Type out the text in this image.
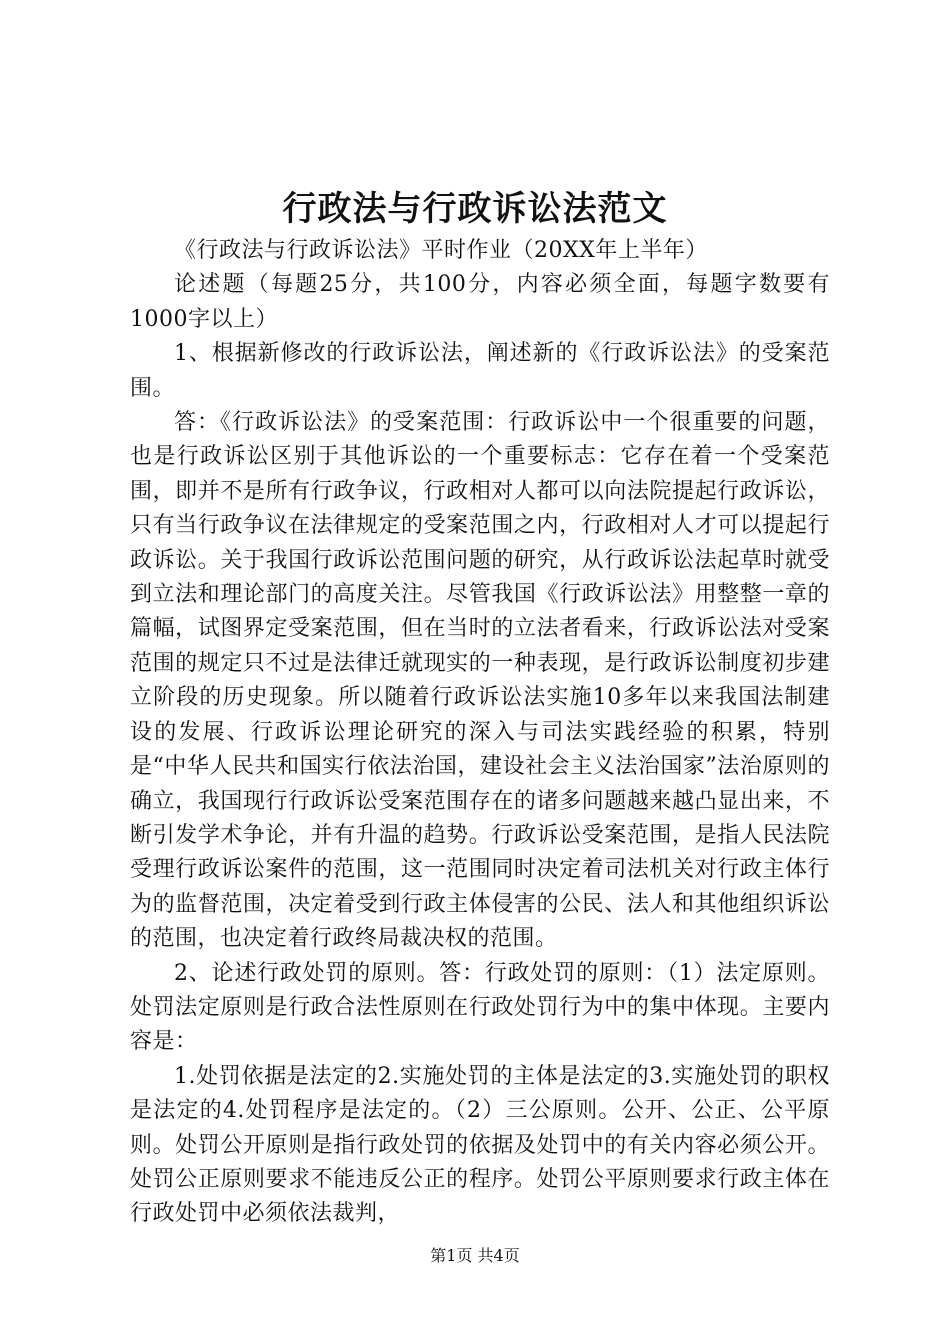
行政法与行政诉讼法范文

《行政法与行政诉讼法》平时作业（20XX年上半年）

论述题（每题25分，共100分，内容必须全面，每题字数要有1000字以上）

1、根据新修改的行政诉讼法，阐述新的《行政诉讼法》的受案范围。

答：《行政诉讼法》的受案范围：行政诉讼中一个很重要的问题，也是行政诉讼区别于其他诉讼的一个重要标志：它存在着一个受案范围，即并不是所有行政争议，行政相对人都可以向法院提起行政诉讼，只有当行政争议在法律规定的受案范围之内，行政相对人才可以提起行政诉讼。关于我国行政诉讼范围问题的研究，从行政诉讼法起草时就受到立法和理论部门的高度关注。尽管我国《行政诉讼法》用整整一章的篇幅，试图界定受案范围，但在当时的立法者看来，行政诉讼法对受案范围的规定只不过是法律迁就现实的一种表现，是行政诉讼制度初步建立阶段的历史现象。所以随着行政诉讼法实施10多年以来我国法制建设的发展、行政诉讼理论研究的深入与司法实践经验的积累，特别是“中华人民共和国实行依法治国，建设社会主义法治国家”法治原则的确立，我国现行行政诉讼受案范围存在的诸多问题越来越凸显出来，不断引发学术争论，并有升温的趋势。行政诉讼受案范围，是指人民法院受理行政诉讼案件的范围，这一范围同时决定着司法机关对行政主体行为的监督范围，决定着受到行政主体侵害的公民、法人和其他组织诉讼的范围，也决定着行政终局裁决权的范围。

2、论述行政处罚的原则。答：行政处罚的原则：（1）法定原则。处罚法定原则是行政合法性原则在行政处罚行为中的集中体现。主要内容是：

1.处罚依据是法定的2.实施处罚的主体是法定的3.实施处罚的职权是法定的4.处罚程序是法定的。（2）三公原则。公开、公正、公平原则。处罚公开原则是指行政处罚的依据及处罚中的有关内容必须公开。处罚公正原则要求不能违反公正的程序。处罚公平原则要求行政主体在行政处罚中必须依法裁判，

第1页 共4页
